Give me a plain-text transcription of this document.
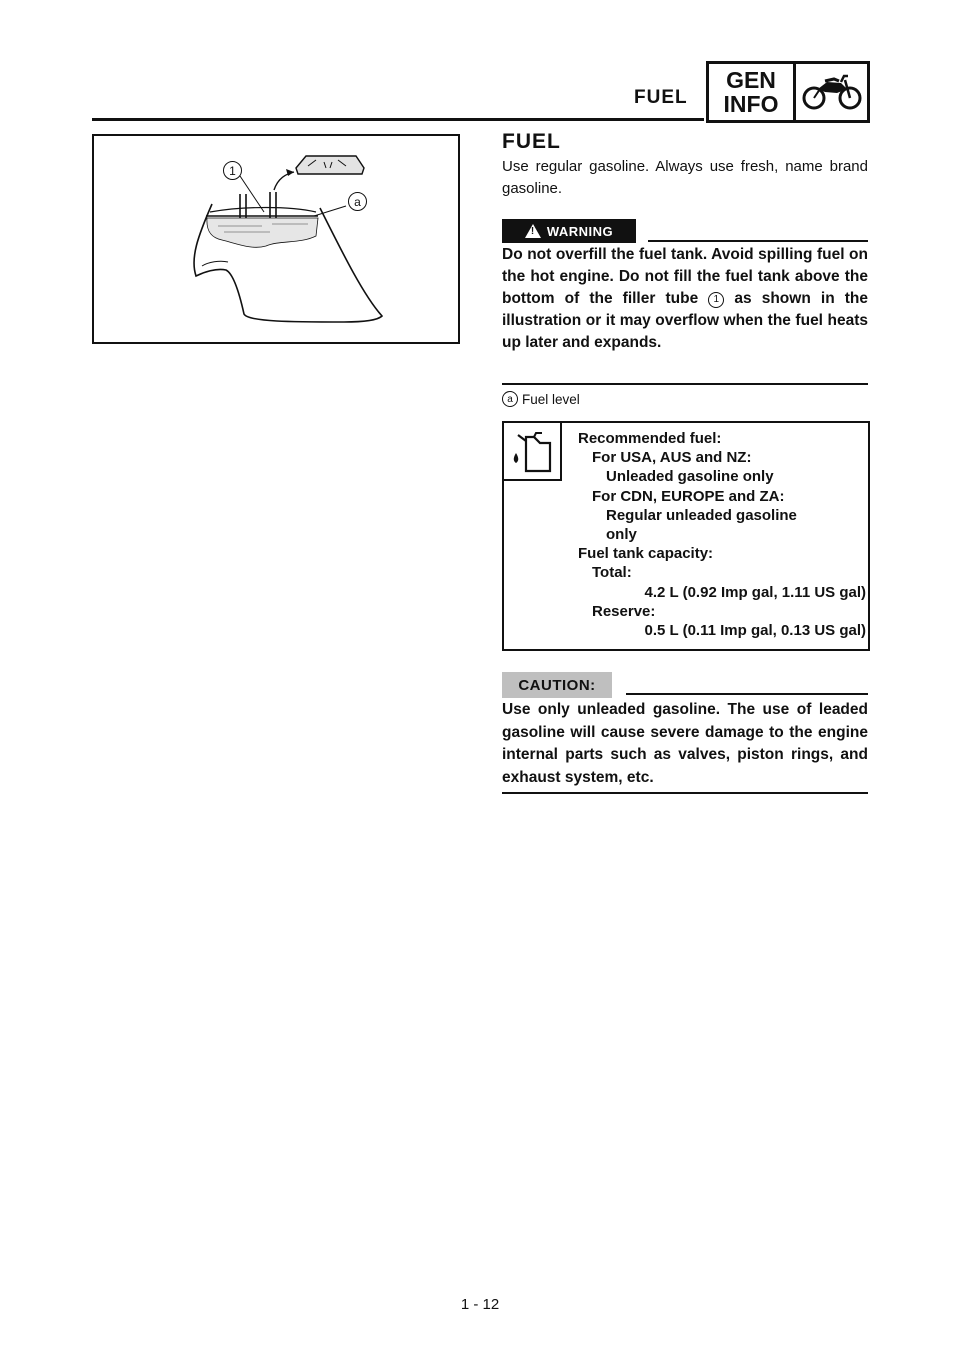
FUEL
GEN
INFO
1
a
FUEL
Use regular gasoline. Always use fresh, name brand gasoline.
! WARNING
Do not overfill the fuel tank. Avoid spilling fuel on the hot engine. Do not fill the fuel tank above the bottom of the filler tube 1 as shown in the illustration or it may overflow when the fuel heats up later and expands.
a Fuel level
Recommended fuel:
For USA, AUS and NZ:
Unleaded gasoline only
For CDN, EUROPE and ZA:
Regular unleaded gasoline
only
Fuel tank capacity:
Total:
4.2 L (0.92 Imp gal, 1.11 US gal)
Reserve:
0.5 L (0.11 Imp gal, 0.13 US gal)
CAUTION:
Use only unleaded gasoline. The use of leaded gasoline will cause severe damage to the engine internal parts such as valves, piston rings, and exhaust system, etc.
1 - 12
